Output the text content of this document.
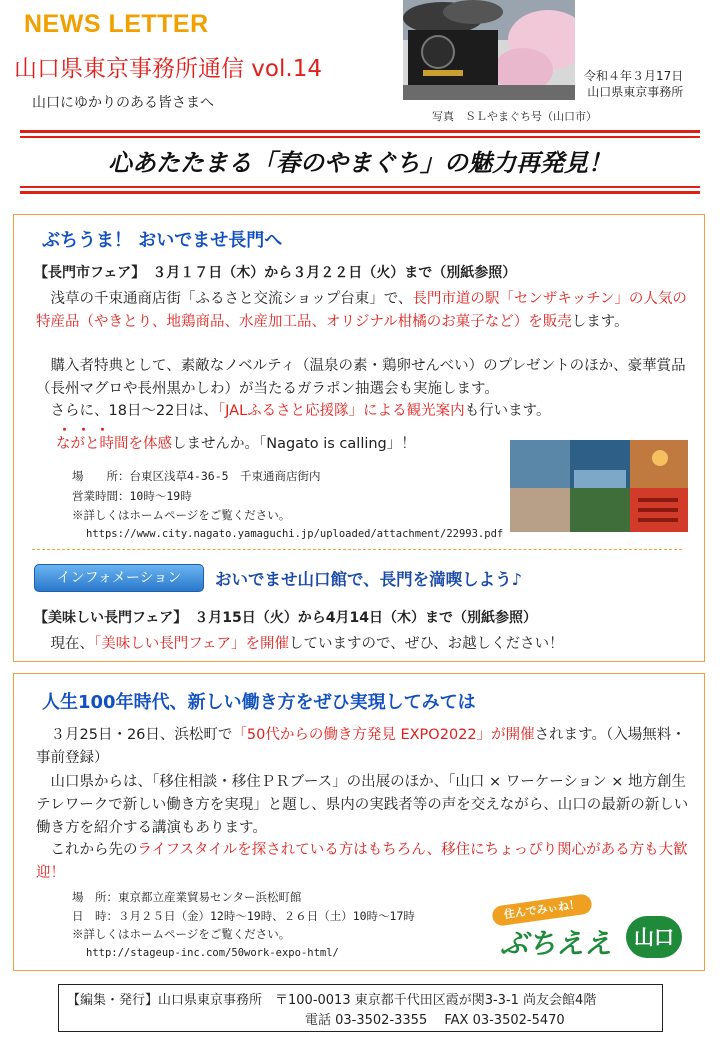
NEWS LETTER
山口県東京事務所通信 vol.14
山口にゆかりのある皆さまへ
写真　ＳＬやまぐち号（山口市）
令和４年３月17日
山口県東京事務所
心あたたまる「春のやまぐち」の魅力再発見！
ぶちうま！ おいでませ長門へ
【長門市フェア】　３月１７日（木）から３月２２日（火）まで（別紙参照）
　浅草の千束通商店街「ふるさと交流ショップ台東」で、長門市道の駅「センザキッチン」の人気の特産品（やきとり、地鶏商品、水産加工品、オリジナル柑橘のお菓子など）を販売します。
　購入者特典として、素敵なノベルティ（温泉の素・鶏卵せんべい）のプレゼントのほか、豪華賞品（長州マグロや長州黒かしわ）が当たるガラポン抽選会も実施します。
　さらに、18日～22日は、「JALふるさと応援隊」による観光案内も行います。
・・・
ながと時間を体感しませんか。「Nagato is calling」！
場　　所：台東区浅草4-36-5　千束通商店街内
営業時間：10時～19時
※詳しくはホームページをご覧ください。
https://www.city.nagato.yamaguchi.jp/uploaded/attachment/22993.pdf
インフォメーション	おいでませ山口館で、長門を満喫しよう♪
【美味しい長門フェア】　３月15日（火）から4月14日（木）まで（別紙参照）
　現在、「美味しい長門フェア」を開催していますので、ぜひ、お越しください！
人生100年時代、新しい働き方をぜひ実現してみては
　３月25日・26日、浜松町で「50代からの働き方発見 EXPO2022」が開催されます。（入場無料・事前登録）
　山口県からは、「移住相談・移住ＰＲブース」の出展のほか、「山口 × ワーケーション × 地方創生テレワークで新しい働き方を実現」と題し、県内の実践者等の声を交えながら、山口の最新の新しい働き方を紹介する講演もあります。
　これから先のライフスタイルを探されている方はもちろん、移住にちょっぴり関心がある方も大歓迎！
場　所：東京都立産業貿易センター浜松町館
日　時：３月２５日（金）12時～19時、２６日（土）10時～17時
※詳しくはホームページをご覧ください。
http://stageup-inc.com/50work-expo-html/
住んでみぃね！
ぶちええ	山口
【編集・発行】山口県東京事務所　〒100-0013 東京都千代田区霞が関3-3-1 尚友会館4階
電話 03-3502-3355　 FAX 03-3502-5470
